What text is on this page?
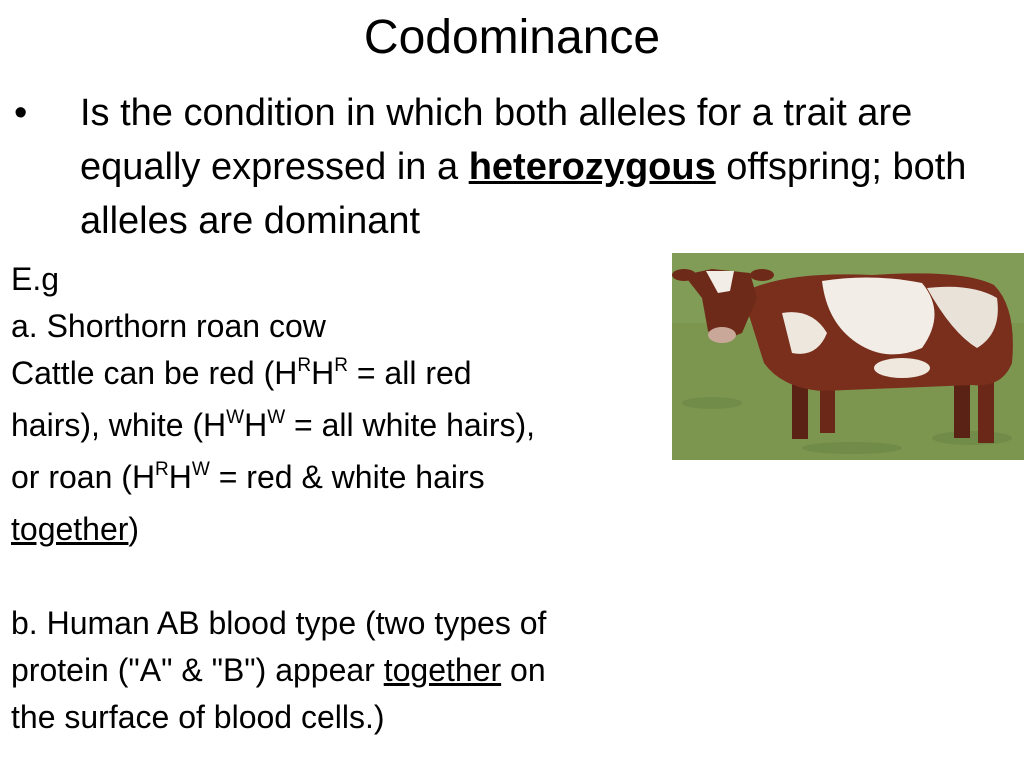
Codominance
• Is the condition in which both alleles for a trait are equally expressed in a heterozygous offspring; both alleles are dominant
E.g
a. Shorthorn roan cow
Cattle can be red ($H^RH^R$ = all red
hairs), white ($H^WH^W$ = all white hairs),
or roan ($H^RH^W$ = red & white hairs
together)
b. Human AB blood type (two types of
protein ("A" & "B") appear together on
the surface of blood cells.)
